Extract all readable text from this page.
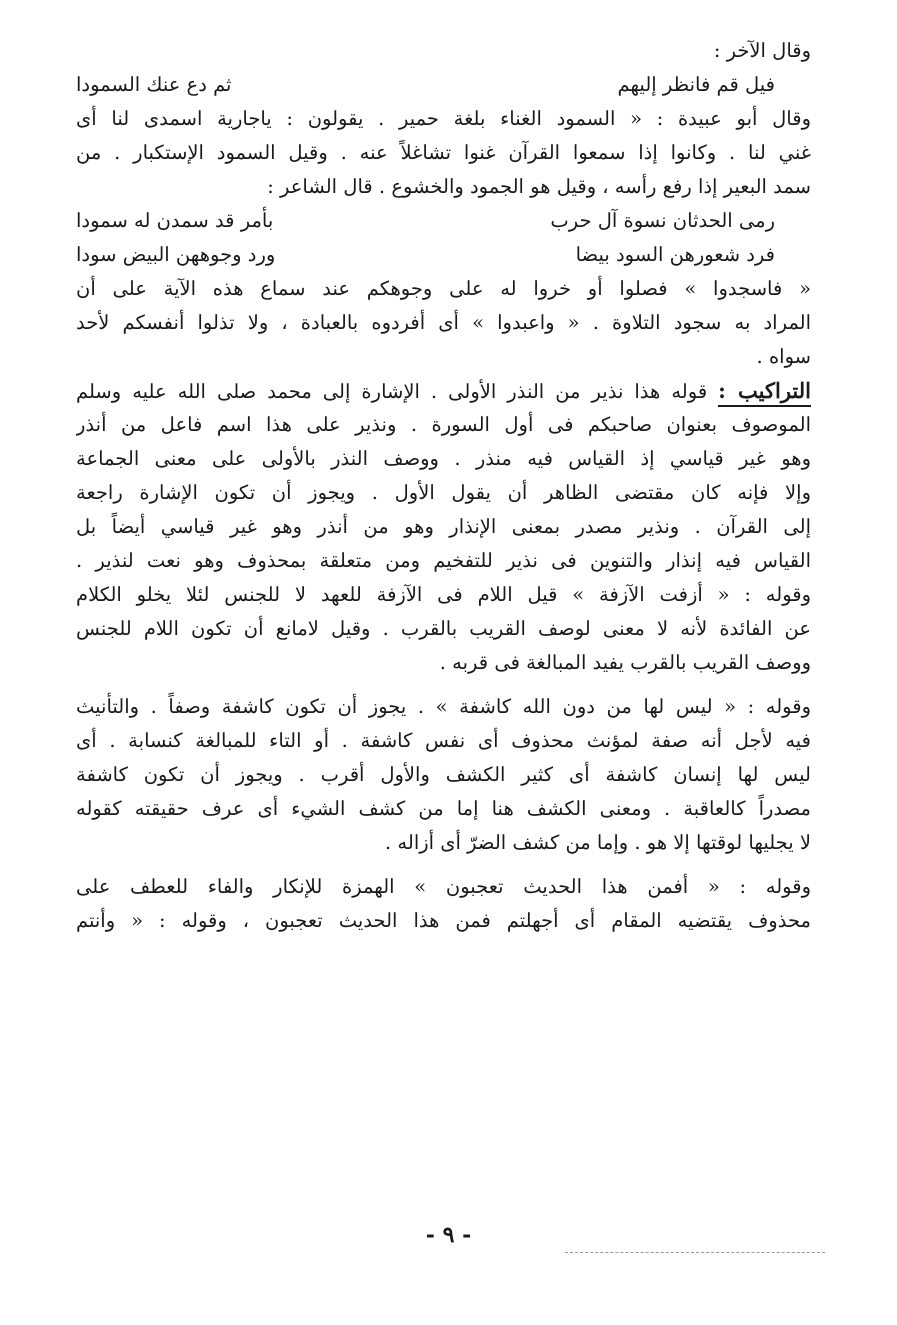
وقال الآخر :
فيل قم فانظر إليهم
ثم دع عنك السمودا
وقال أبو عبيدة : « السمود الغناء بلغة حمير . يقولون : ياجارية اسمدى لنا أى
غني لنا . وكانوا إذا سمعوا القرآن غنوا تشاغلاً عنه . وقيل السمود الإستكبار . من
سمد البعير إذا رفع رأسه ، وقيل هو الجمود والخشوع . قال الشاعر :
رمى الحدثان نسوة آل حرب
بأمر قد سمدن له سمودا
فرد شعورهن السود بيضا
ورد وجوههن البيض سودا
« فاسجدوا » فصلوا أو خروا له على وجوهكم عند سماع هذه الآية على أن
المراد به سجود التلاوة . « واعبدوا » أى أفردوه بالعبادة ، ولا تذلوا أنفسكم لأحد
سواه .
التراكيب : قوله هذا نذير من النذر الأولى . الإشارة إلى محمد صلى الله عليه وسلم
الموصوف بعنوان صاحبكم فى أول السورة . ونذير على هذا اسم فاعل من أنذر
وهو غير قياسي إذ القياس فيه منذر . ووصف النذر بالأولى على معنى الجماعة
وإلا فإنه كان مقتضى الظاهر أن يقول الأول . ويجوز أن تكون الإشارة راجعة
إلى القرآن . ونذير مصدر بمعنى الإنذار وهو من أنذر وهو غير قياسي أيضاً بل
القياس فيه إنذار والتنوين فى نذير للتفخيم ومن متعلقة بمحذوف وهو نعت لنذير .
وقوله : « أزفت الآزفة » قيل اللام فى الآزفة للعهد لا للجنس لئلا يخلو الكلام
عن الفائدة لأنه لا معنى لوصف القريب بالقرب . وقيل لامانع أن تكون اللام للجنس
ووصف القريب بالقرب يفيد المبالغة فى قربه .
وقوله : « ليس لها من دون الله كاشفة » . يجوز أن تكون كاشفة وصفاً . والتأنيث
فيه لأجل أنه صفة لمؤنث محذوف أى نفس كاشفة . أو التاء للمبالغة كنسابة . أى
ليس لها إنسان كاشفة أى كثير الكشف والأول أقرب . ويجوز أن تكون كاشفة
مصدراً كالعاقبة . ومعنى الكشف هنا إما من كشف الشيء أى عرف حقيقته كقوله
لا يجليها لوقتها إلا هو . وإما من كشف الضرّ أى أزاله .
وقوله : « أفمن هذا الحديث تعجبون » الهمزة للإنكار والفاء للعطف على
محذوف يقتضيه المقام أى أجهلتم فمن هذا الحديث تعجبون ، وقوله : « وأنتم
- ٩ -
